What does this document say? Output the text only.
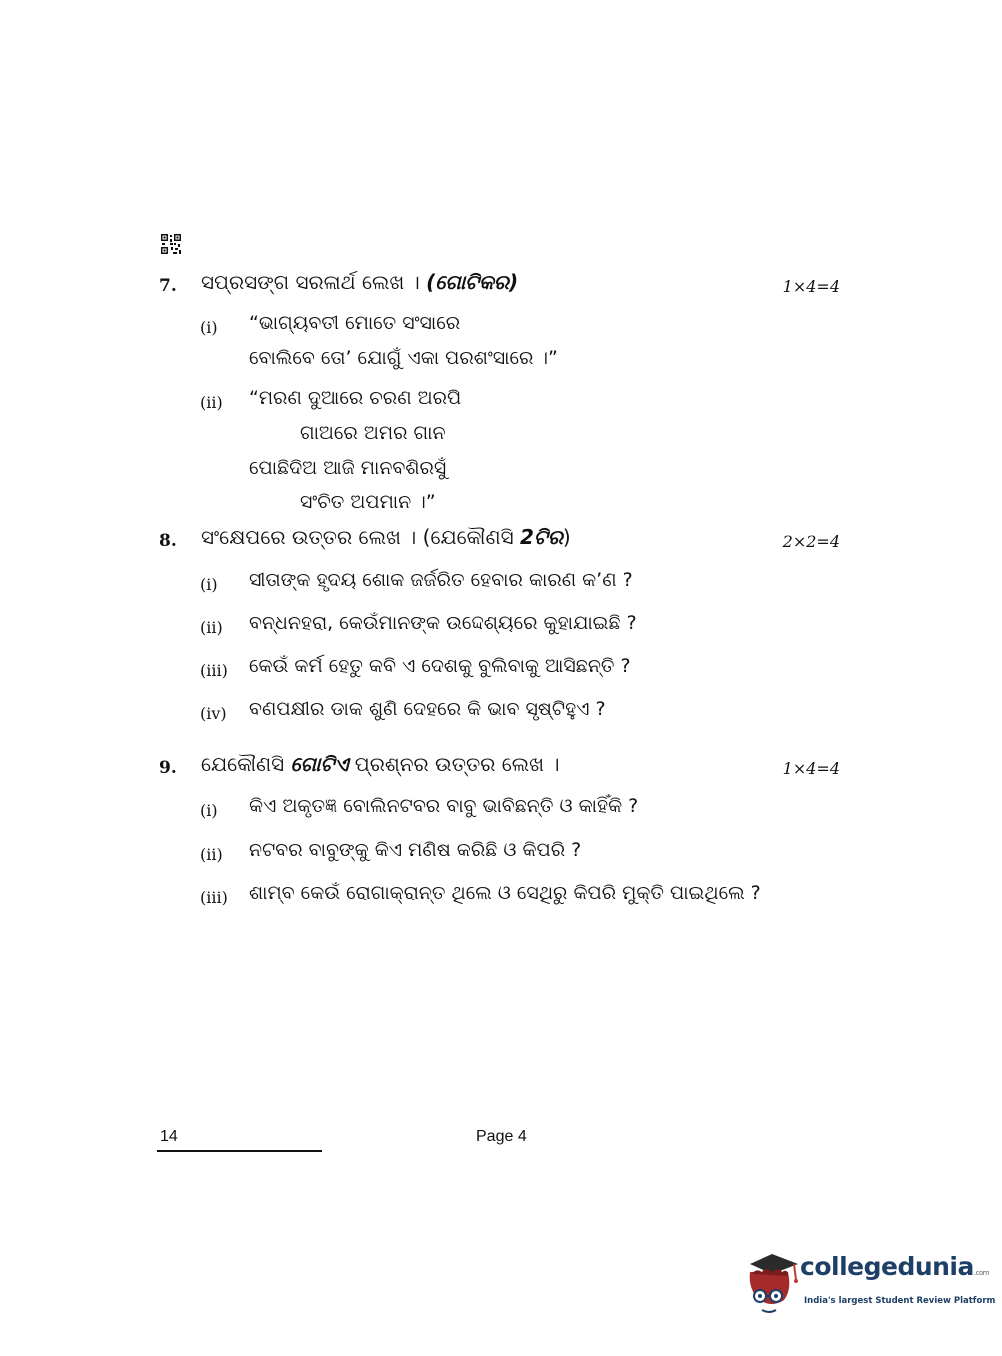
7. ସପ୍ରସଙ୍ଗ ସରଳାର୍ଥ ଲେଖ । (ଗୋଟିକର)	1×4=4
(i) “ଭାଗ୍ୟବତୀ ମୋତେ ସଂସାରେ
ବୋଲିବେ ତୋ’ ଯୋଗୁଁ ଏକା ପରଶଂସାରେ ।”
(ii) “ମରଣ ଦୁଆରେ ଚରଣ ଅରପି
ଗାଅରେ ଅମର ଗାନ
ପୋଛିଦିଅ ଆଜି ମାନବଶିରସୁଁ
ସଂଚିତ ଅପମାନ ।”
8. ସଂକ୍ଷେପରେ ଉତ୍ତର ଲେଖ । (ଯେକୌଣସି 2ଟିର)	2×2=4
(i) ସୀତାଙ୍କ ହୃଦୟ ଶୋକ ଜର୍ଜରିତ ହେବାର କାରଣ କ’ଣ ?
(ii) ବନ୍ଧନହରା, କେଉଁମାନଙ୍କ ଉଦ୍ଦେଶ୍ୟରେ କୁହାଯାଇଛି ?
(iii) କେଉଁ କର୍ମ ହେତୁ କବି ଏ ଦେଶକୁ ବୁଲିବାକୁ ଆସିଛନ୍ତି ?
(iv) ବଣପକ୍ଷୀର ଡାକ ଶୁଣି ଦେହରେ କି ଭାବ ସୃଷ୍ଟିହୁଏ ?
9. ଯେକୌଣସି ଗୋଟିଏ ପ୍ରଶ୍ନର ଉତ୍ତର ଲେଖ ।	1×4=4
(i) କିଏ ଅକୃତଜ୍ଞ ବୋଲିନଟବର ବାବୁ ଭାବିଛନ୍ତି ଓ କାହିଁକି ?
(ii) ନଟବର ବାବୁଙ୍କୁ କିଏ ମଣିଷ କରିଛି ଓ କିପରି ?
(iii) ଶାମ୍ବ କେଉଁ ରୋଗାକ୍ରାନ୍ତ ଥିଲେ ଓ ସେଥିରୁ କିପରି ମୁକ୍ତି ପାଇଥିଲେ ?
14	Page 4
collegedunia.com
India's largest Student Review Platform
